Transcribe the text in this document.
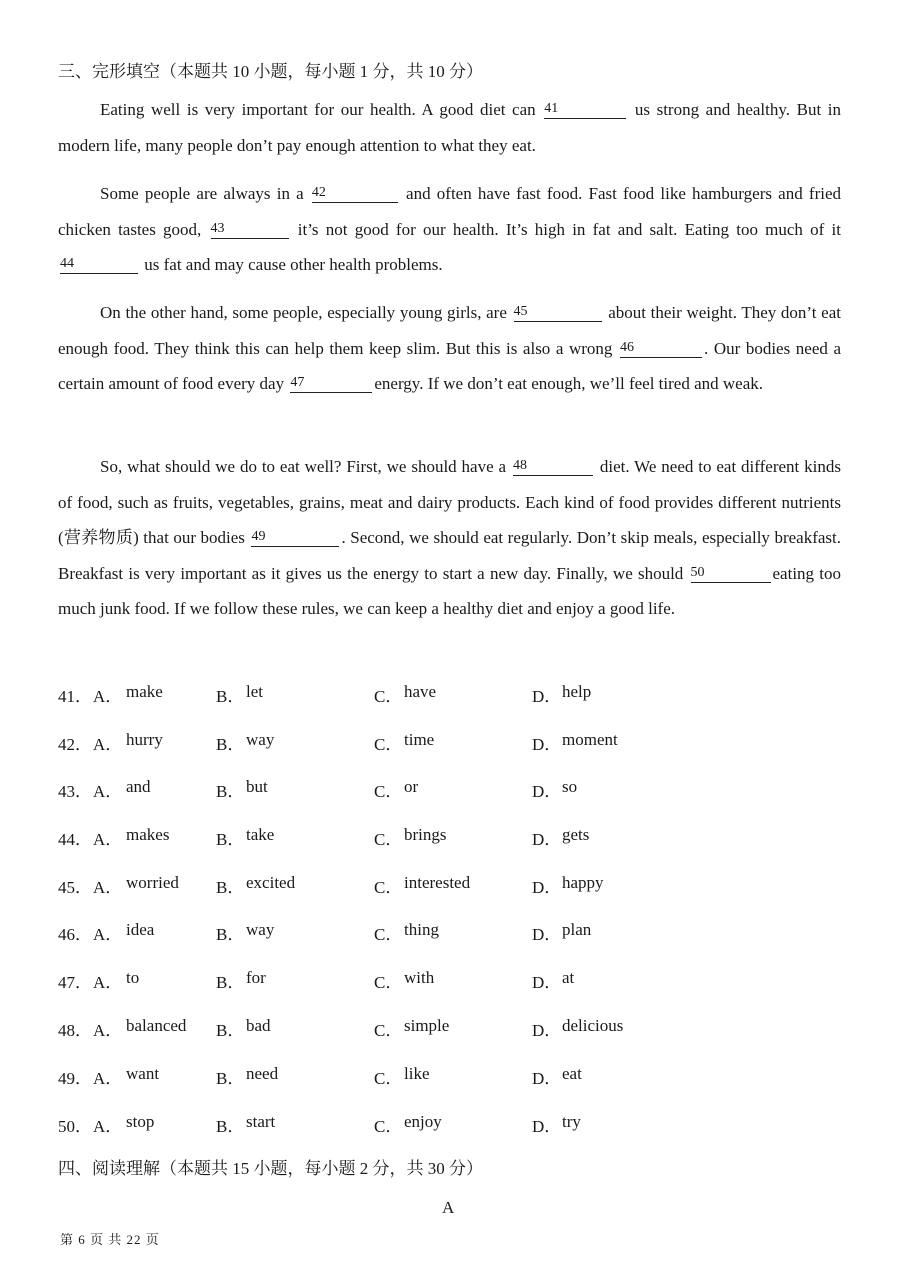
三、完形填空（本题共 10 小题，每小题 1 分，共 10 分）
Eating well is very important for our health. A good diet can 41	us strong and healthy. But in modern life, many people don’t pay enough attention to what they eat.
Some people are always in a 42	and often have fast food. Fast food like hamburgers and fried chicken tastes good, 43	it’s not good for our health. It’s high in fat and salt. Eating too much of it 44	us fat and may cause other health problems.
On the other hand, some people, especially young girls, are 45	about their weight. They don’t eat enough food. They think this can help them keep slim. But this is also a wrong 46	. Our bodies need a certain amount of food every day 47	energy. If we don’t eat enough, we’ll feel tired and weak.
So, what should we do to eat well? First, we should have a 48	diet. We need to eat different kinds of food, such as fruits, vegetables, grains, meat and dairy products. Each kind of food provides different nutrients (营养物质) that our bodies 49	. Second, we should eat regularly. Don’t skip meals, especially breakfast. Breakfast is very important as it gives us the energy to start a new day. Finally, we should 50	eating too much junk food. If we follow these rules, we can keep a healthy diet and enjoy a good life.
41． A． make	B． let	C． have	D． help
42． A． hurry	B． way	C． time	D． moment
43． A． and	B． but	C． or	D． so
44． A． makes	B． take	C． brings	D． gets
45． A． worried B． excited	C． interested	D． happy
46． A． idea	B． way	C． thing	D． plan
47． A． to	B． for	C． with	D． at
48． A． balanced B． bad	C． simple	D． delicious
49． A． want	B． need	C． like	D． eat
50． A． stop	B． start	C． enjoy	D． try
四、阅读理解（本题共 15 小题，每小题 2 分，共 30 分）
A
第 6 页 共 22 页
